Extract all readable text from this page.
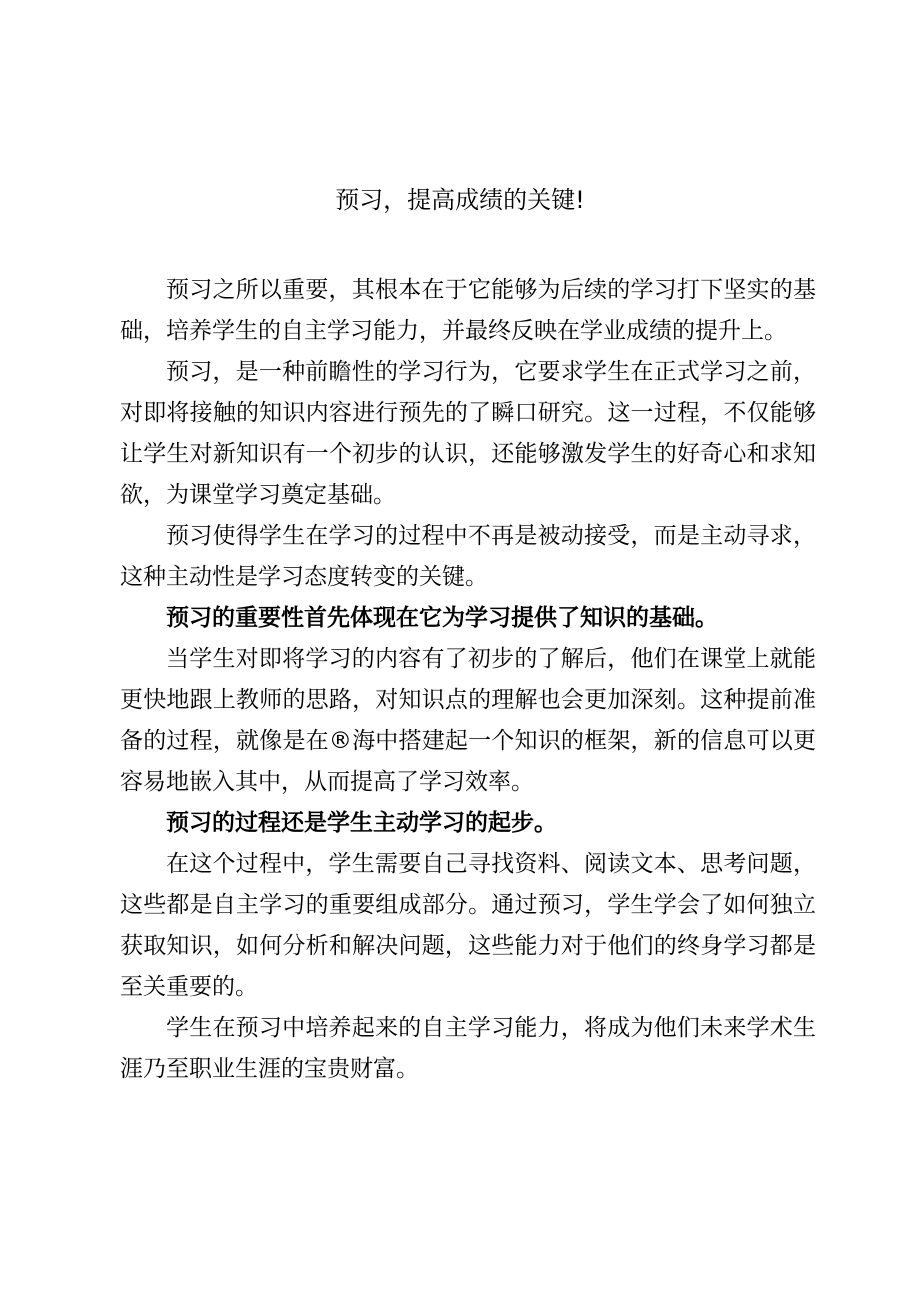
预习，提高成绩的关键!

预习之所以重要，其根本在于它能够为后续的学习打下坚实的基础，培养学生的自主学习能力，并最终反映在学业成绩的提升上。

预习，是一种前瞻性的学习行为，它要求学生在正式学习之前，对即将接触的知识内容进行预先的了瞬口研究。这一过程，不仅能够让学生对新知识有一个初步的认识，还能够激发学生的好奇心和求知欲，为课堂学习奠定基础。

预习使得学生在学习的过程中不再是被动接受，而是主动寻求，这种主动性是学习态度转变的关键。

预习的重要性首先体现在它为学习提供了知识的基础。

当学生对即将学习的内容有了初步的了解后，他们在课堂上就能更快地跟上教师的思路，对知识点的理解也会更加深刻。这种提前准备的过程，就像是在®海中搭建起一个知识的框架，新的信息可以更容易地嵌入其中，从而提高了学习效率。

预习的过程还是学生主动学习的起步。

在这个过程中，学生需要自己寻找资料、阅读文本、思考问题，这些都是自主学习的重要组成部分。通过预习，学生学会了如何独立获取知识，如何分析和解决问题，这些能力对于他们的终身学习都是至关重要的。

学生在预习中培养起来的自主学习能力，将成为他们未来学术生涯乃至职业生涯的宝贵财富。
